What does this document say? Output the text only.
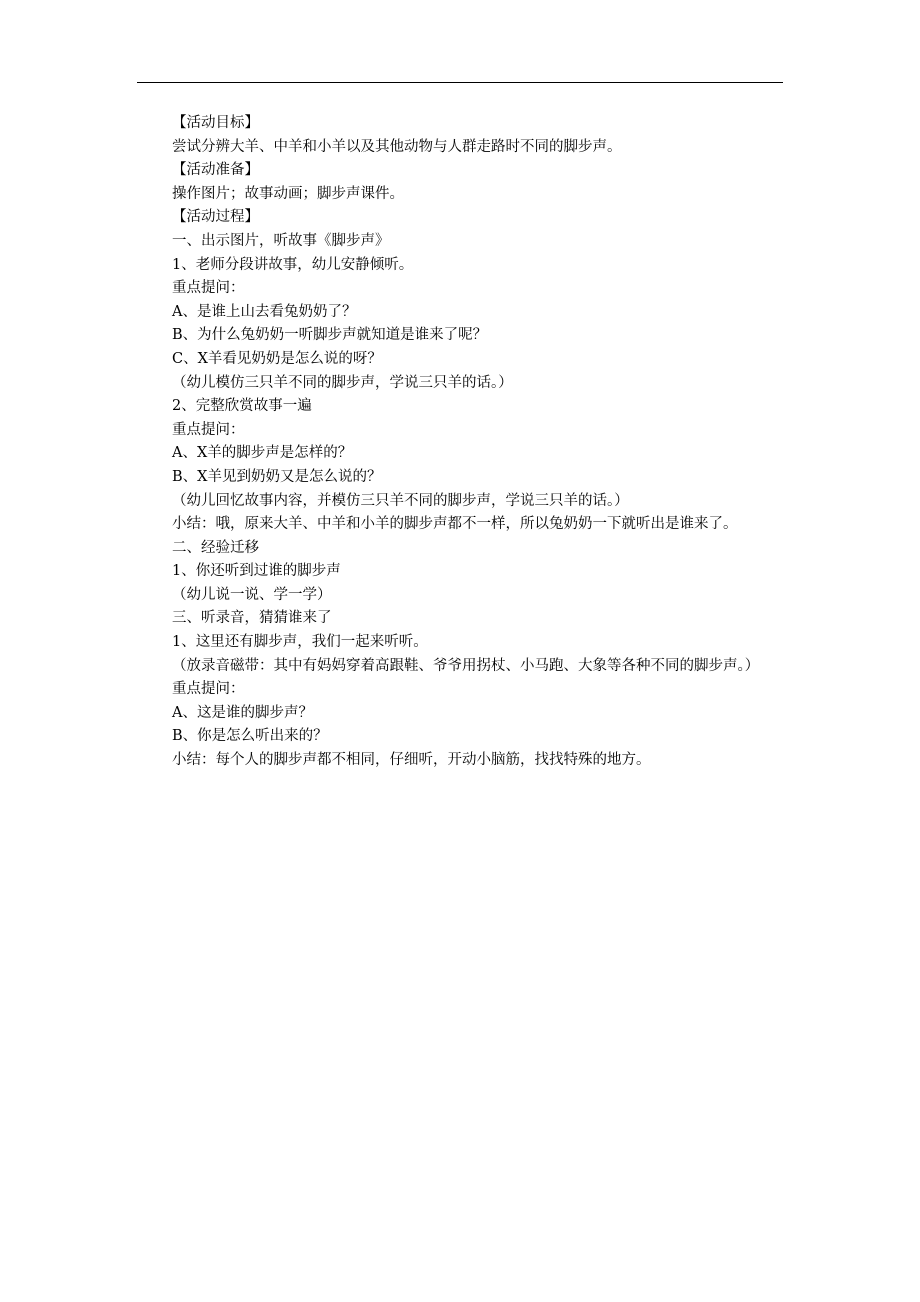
【活动目标】

尝试分辨大羊、中羊和小羊以及其他动物与人群走路时不同的脚步声。

【活动准备】

操作图片；故事动画；脚步声课件。

【活动过程】

一、出示图片，听故事《脚步声》

1、老师分段讲故事，幼儿安静倾听。

重点提问：

A、是谁上山去看兔奶奶了？

B、为什么兔奶奶一听脚步声就知道是谁来了呢？

C、X羊看见奶奶是怎么说的呀？

（幼儿模仿三只羊不同的脚步声，学说三只羊的话。）

2、完整欣赏故事一遍

重点提问：

A、X羊的脚步声是怎样的？

B、X羊见到奶奶又是怎么说的？

（幼儿回忆故事内容，并模仿三只羊不同的脚步声，学说三只羊的话。）

小结：哦，原来大羊、中羊和小羊的脚步声都不一样，所以兔奶奶一下就听出是谁来了。

二、经验迁移

1、你还听到过谁的脚步声

（幼儿说一说、学一学）

三、听录音，猜猜谁来了

1、这里还有脚步声，我们一起来听听。

（放录音磁带：其中有妈妈穿着高跟鞋、爷爷用拐杖、小马跑、大象等各种不同的脚步声。）

重点提问：

A、这是谁的脚步声？

B、你是怎么听出来的？

小结：每个人的脚步声都不相同，仔细听，开动小脑筋，找找特殊的地方。
